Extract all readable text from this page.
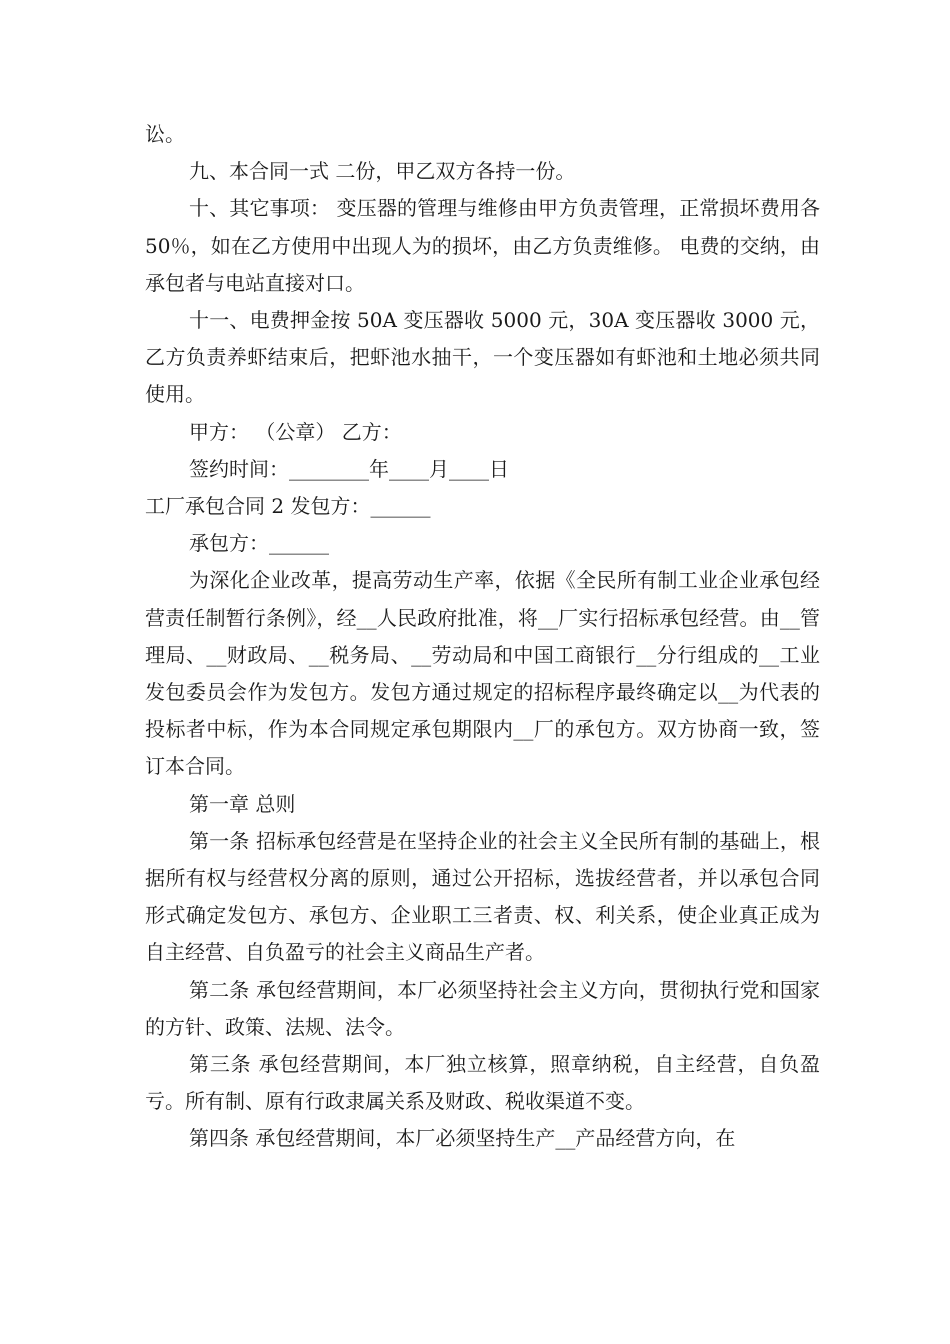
讼。

九、本合同一式 二份，甲乙双方各持一份。

十、其它事项： 变压器的管理与维修由甲方负责管理，正常损坏费用各 50％，如在乙方使用中出现人为的损坏，由乙方负责维修。 电费的交纳，由承包者与电站直接对口。

十一、电费押金按 50A 变压器收 5000 元，30A 变压器收 3000 元，乙方负责养虾结束后，把虾池水抽干，一个变压器如有虾池和土地必须共同使用。

甲方： （公章） 乙方：

签约时间：________年____月____日

工厂承包合同 2 发包方：______

承包方：______

为深化企业改革，提高劳动生产率，依据《全民所有制工业企业承包经营责任制暂行条例》，经__人民政府批准，将__厂实行招标承包经营。由__管理局、__财政局、__税务局、__劳动局和中国工商银行__分行组成的__工业发包委员会作为发包方。发包方通过规定的招标程序最终确定以__为代表的投标者中标，作为本合同规定承包期限内__厂的承包方。双方协商一致，签订本合同。

第一章 总则

第一条 招标承包经营是在坚持企业的社会主义全民所有制的基础上，根据所有权与经营权分离的原则，通过公开招标，选拔经营者，并以承包合同形式确定发包方、承包方、企业职工三者责、权、利关系，使企业真正成为自主经营、自负盈亏的社会主义商品生产者。

第二条 承包经营期间，本厂必须坚持社会主义方向，贯彻执行党和国家的方针、政策、法规、法令。

第三条 承包经营期间，本厂独立核算，照章纳税，自主经营，自负盈亏。所有制、原有行政隶属关系及财政、税收渠道不变。

第四条 承包经营期间，本厂必须坚持生产__产品经营方向，在
